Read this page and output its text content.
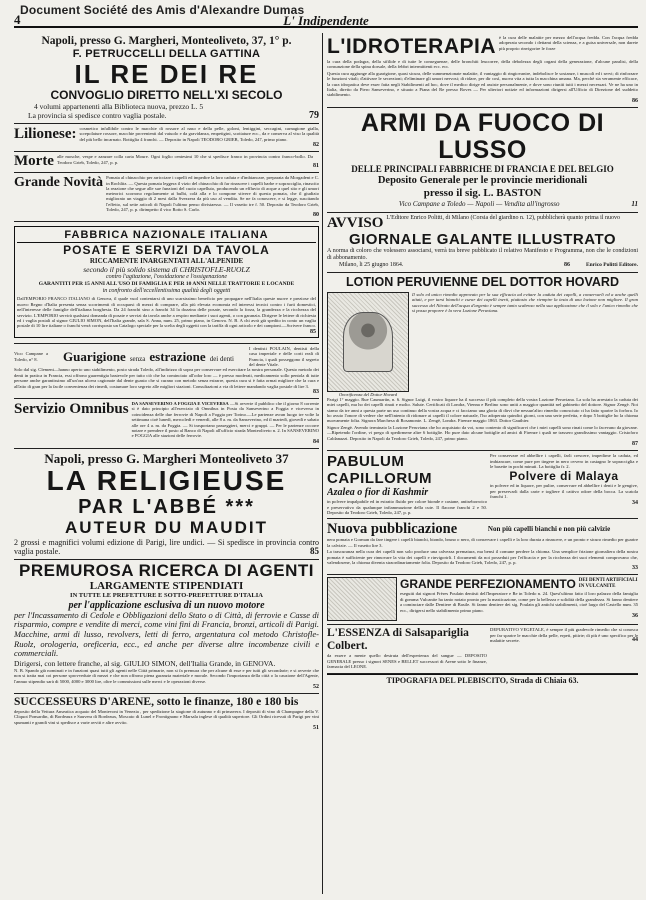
Document Société des Amis d'Alexandre Dumas
4	L' Indipendente
Napoli, presso G. Margheri, Monteoliveto, 37, 1° p.
F. PETRUCCELLI DELLA GATTINA
IL RE DEI RE
CONVOGLIO DIRETTO NELL'XI SECOLO
4 volumi appartenenti alla Biblioteca nuova, prezzo L. 5
79
La provincia si spedisce contro vaglia postale.
Lilionese: cosmetico infallibile contro le macchie di rossore al naso e della pelle, goloni, lentiggini, seccagini, carnagione gialla, screpolature rossore, macchie provenienti dal vaiuolo e da gravidanza, empetigini, scottature ecc., da e conserva al viso la qualità del più bello incarnato. Bottiglia 4 franchi. — Deposito in Napoli TEODORO GRIEB, Toledo, 247, primo piano.
82
Morte alle mosche, vespe e zanzare colla carta Moure. Ogni foglio centesimi 10 che si spedisce franco in provincia contro franco-bollo. Da Teodoro Grieb, Toledo, 247, p. p.
81
Grande Novità Pomata al chinacchio per arricciare i capelli ed impedire la loro caduta e d'imbiancare, preparata da Morgadent e C. in Rochlitz. — Questa pomata leggera il vizio del chinacchio di far rinascere i capelli barbe e sopracciglia, rinascito la reazione che segue alle sue funzioni del cuoio capelluto, producendo un effluvio di acque a quel sito e gli umori meteorici scorrono regolarmente ai bulbi, colà alla e lo compone stivere di questa pomata, che il giudizio migliorato un viaggio di 2 mesi dalla Svezzera da più uso al vendita. Se ne fa conoscere, e si legge, suscitando l'effetto, sul sette articoli di Napoli l'ultimo penso divistaesso. — Il vasetto tre f. 50. Deposito da Teodoro Grieb, Toledo, 247, p. p. dirimpetto il vico Rotto S. Carlo.
80
FABBRICA NAZIONALE ITALIANA
POSATE E SERVIZI DA TAVOLA
RICCAMENTE INARGENTATI ALL'ALPENIDE
secondo il più solido sistema di CHRISTOFLE-RUOLZ
contro l'agitazione, l'ossidazione e l'ossigenazione
GARANTITI PER 15 ANNI ALL'USO DI FAMIGLIA E PER 10 ANNI NELLE TRATTORIE E LOCANDE
in confronto dell'eccellentissima qualità degli oggetti
Dall'EMPORIO FRANCO ITALIANO di Genova, il quale vuol contentarsi di uno scarsissimo beneficio per propagare nell'Italia queste nuove e preziose del nuovo Regno d'Italia presenta senza scorrimenti di occuparsi di mezzi di comprare, alla più elevata economia ed interessi tecnici contro i furti domestici, nell'interesse delle famiglie dell'italiana borghesia. Da 24 franchi sino a franchi 34 la dozzina delle posate, secondo la forza, la grandezza e la ricchezza del servizio. L'EMPORIO servirà qualsiasi domanda di posate e servizi da tavola anche a respiro mediante i suoi agenti, o con garanzia. Dirigere le lettere di richiesta ed i vaglia postali al signor GIULIO SIMON, dell'Italia grande, sala S. Anna, num. 25, primo piano, in Genova. N. B. A chi avrà già spedito in conto un vaglia postale di 10 lire italiane o franchi verrà corrisposto un Catalogo speciale per la scelta degli oggetti con la tariffa di ogni articolo e dei campioni.—Scrivere franco.
85
Vico Campane a Toledo, n° 8.	Guarigione senza estrazione dei denti
I dentisti POULAIN, dentisti della casa imperiale e delle corti reali di Francia, i quali posseggono il segreto del dente Vitale.
Solo dal sig. Clement—hanno aperto uno stabilimento, posto strada Toledo, all'indirizzo di sopra per conservare ed esercitare la nostra personale. Questo metodo dei denti in pratica in Francia, essi offrono guarentigia bastevole per tutto ciò che ha cominciato all'odor loro — è presso moderati, medicamento sollo pentola di tutte persone anche garantissimo all'un'ora ulcera cagionate dal dente guasto che si curano con metodo senza estrarre, questa cura si è fatta ormai migliore che la cura e all'atto di gran per la facile convenienza dei rimedi, costumare loro segreto alle migliori stazioni. Consultazioni a via di lettere mandando vaglia postale di lire 3.
83
Servizio Omnibus DA SANSEVERINO A FOGGIA E VICEVERSA —Si avverte il pubblico che il giorno 8 corrente si è dato principio all'esercizio di Omnibus in Posta da Sanseverino a Foggia e viceversa in coincidenza delle due ferrovie di Napoli a Foggia per Torino.—Le partenze avran luogo tre volte la settimana cioè lunedì, mercoledì e venerdì, alle 8 a. m. da Sanseverino, ed il martedì, giovedì e sabato alle ore 4 a. m. da Foggia. — Si trasportano passeggieri, merci e gruppi. — Per le partenze occorre notare e prendere il posto al Banco di Napoli all'ufficio strada Monteoliveto n. 2. In SANSEVERINO e FOGGIA alle stazioni delle ferrovie.
84
Napoli, presso G. Margheri Monteoliveto 37
LA RELIGIEUSE
PAR L'ABBÉ ***
AUTEUR DU MAUDIT
2 grossi e magnifici volumi edizione di Parigi, lire undici. — Si spedisce in provincia contro vaglia postale.	85
PREMUROSA RICERCA DI AGENTI
LARGAMENTE STIPENDIATI
IN TUTTE LE PREFETTURE E SOTTO-PREFETTURE D'ITALIA
per l'applicazione esclusiva di un nuovo motore
per l'Incassamento di Cedole e Obbligazioni dello Stato o di Città, di ferrovie e Casse di risparmio, compre e vendite di merci, come vini fini di Francia, bronzi, articoli di Parigi. Macchine, armi di lusso, revolvers, letti di ferro, argentatura col metodo Christofle-Ruolz, orologeria, oreficeria, ecc., ed anche per diverse altre incombenze civili e commerciali.
Dirigersi, con lettere franche, al sig. GIULIO SIMON, dell'Italia Grande, in GENOVA.
N. B. Spando già nominati e in funzioni quasi tutti gli agenti nelle Città primarie, non si fa premura che per alcune di esse e per tutti gli secondarie; e si avverte che non si tratta mai coi persone sprovvedute di mezzi e che non offrono piena garanzia materiale e morale. Secondo l'importanza della città o la cauzione dell'Agente, l'annuo stipendio sarà di 5000, 4000 e 3000 lire, oltre le commissioni sulle merci e le operazioni diverse.
52
SUCCESSEURS D'ARENE, sotto le finanze, 180 e 180 bis
deposito della Vettura Anseatica acquaio del Montevoni in Venezia , per spedizione la stagione di autunno e di primavera. I depositi di vino di Champagne della V. Cliquot Ponsardin, di Bordeaux e Sauvera di Bordeaux, Moscato di Lunel e Frontignano e Marsala inglese di qualità superiore. Gli Ordini ricevuti di Parigi per vini spumanti e grandi vini si spedisce a varie avviti e altre avvito.
51
L'IDROTERAPIA è la cura delle malattie per mezzo dell'acqua fredda. Con l'acqua fredda adoperata secondo i dettami della scienza, e a guisa universale, non darete più proprio rinvigorire le forze
la cura della podagra, della sifilide e di tutte le conseguenze, delle bronchiti leucorree, della debolezza degli organi della generazione, d'alcune paralisi, della consunzione della spina dorsale, della febbri intermittenti ecc. ecc.
Questa cura aggiunge alla guarigione, quasi sicura, delle summenzionate malattie, il vantaggio di ringiovanire, indebolisce le sostanze, i muscoli ed i servi; di rinforzare le funzioni vitali; d'attivare le secrezioni; d'eliminare gli umori nervosi; di ridare, per dir così, nuova vita a tutta la macchina umana. Ma, perchè sia veramente efficace, la cura idropatica deve esser fatta negli Stabilimenti ad hoc, dove il medico dirige ed assiste personalmente, e dove sono riuniti tutti i mezzi necessari. Ve ne ha uno in Italia, diretto da Piero Sanseverino, e situato a Piana del Re presso Boves — Per ulteriori notizie ed informazioni dirigersi all'Ufficio di Direzione del suddetto stabilimento.
86
ARMI DA FUOCO DI LUSSO
DELLE PRINCIPALI FABBRICHE DI FRANCIA E DEL BELGIO
Deposito Generale per le provincie meridionali
presso il sig. L. BASTON
Vico Campane a Toledo — Napoli — Vendita all'ingrosso	11
AVVISO L'Editore Enrico Politti, di Milano (Corsia del giardino n. 12), pubblicherà quanto prima il nuovo
GIORNALE GALANTE ILLUSTRATO
A norma di coloro che volessero associarsi, verrà tra breve pubblicato il relativo Manifesto e Programma, non che le condizioni di abbonamento.
Milano, li 25 giugno 1864.	86	Enrico Politti Editore.
LOTION PERUVIENNE DEL DOTTOR HOVARD
Onorificenza del Dottor Hovard
Il solo ed unico rimedio approvato per la sua efficacia ad evitare la caduta dei capelli, a conservarli ed a anche quelli aitati, e per tarsi bianchi e curar dei capelli inerti, piuttosto che riempire la testa di una lozione non migliore. Il gran successo del Nitrato dell'acqua d'argento è sempre tanto scabroso nella sua applicazione che il solo e l'unico rimedio che si possa proporre è la vera Lozione Peruviana.
Parigi 1° maggio. Rue Caumartin, n. 6. Signor Luigi, il vostro liquore ha il successo il più completo della vostra Lozione Peruviana. La sola ha arrestato la caduta dei miei capelli, ma ho dei capelli rinati e molto. Salute. Certificati di Londra, Vienna e Berlino sono uniti a maggior quantità nel gabinetto del dottore. Signor Zengè. Noi siamo da tre anni a questa parte un uso continuo della vostra acqua e ci facciamo una gloria di dirvi che nessun'altro rimedio conosciuto ci ha fatto sparire la forfora. Io ho avuto l'onore di vedere che nell'intento di ridonare ai capelli il colore naturale, l'ho adoperata quindici giorni, con una serie perfetta, e dopo 5 bottiglie ho la chioma nuovamente folta. Signora Marchesa di Rosamonte. L. Zengè, Londra. Firenze maggio 1863. Dottor Gauthier.
Signor Zengè. Avendo terminato la Lozione Peruviana che ho acquistato da voi, sono contento di significarvi che i miei capelli sono rinati come lo facevano da giovane.—Ripetendo l'ordine, vi prego di spedirmene altre 6 bottiglie. Ho pure dato alcune bottiglie ad amici di Firenze i quali ne trassero grandissimo vantaggio. Cristoforo Caldanazzi. Deposito in Napoli da Teodoro Grieb, Toledo, 247, primo piano.
87
PABULUM CAPILLORUM
Azalea o fior di Kashmir
in polvere impalpabile ed in estratto fluido per colore bionde e castane, antiseborroico e preservativo da qualunque infiammazione della cute. Il flacone franchi 2 e 50. Deposito da Teodoro Grieb, Toledo, 247, p. p.
Per conservare ed abbellire i capelli, farli crescere, impedirne la caduta, ed imbiancare, come pure per tingere in nero ovvero in castagno le sopracciglia e le basette in pochi minuti. La bottiglia fr. 2.
Polvere di Malaya
in polvere ed in liquore, per pulire, conservare ed abbellire i denti e le gengive, per preservarli dalla carie e togliere il cattivo odore della bocca. La scatola franchi 1.
34
Nuova pubblicazione	Non più capelli bianchi e non più calvizie
nera pomata e Gorman da fare tingere i capelli bianchi, biondo, bruno o nero, di conservare i capelli e la loro durata a rinascere, e un pronto e sicuro rimedio per guarire la calvizie. — Il vasetto lire 3.
La trascuranza nella cura dei capelli non solo produce una calvezza prematura, ma bensì il comune perdere la chioma. Una semplice frizione giornaliera della nostra pomata è sufficiente per rinnovare la vita dei capelli e rinvigorirli. I documenti da noi posseduti per l'efficacia e per la ricchezza dei suoi elementi comprovano che, valendosene, la chioma diventa straordinariamente folta. Deposito da Teodoro Grieb, Toledo, 247, p. p.
33
GRANDE PERFEZIONAMENTO DEI DENTI ARTIFICIALI IN VULCANITE
eseguiti dai signori Frères Poulain dentisti dell'Imperatore e Re in Toledo n. 24. Quest'ultimo fatto il loro palazzo della famiglia di gomma Vulcanite ha tanto notato pronto per la masticazione, come per la bellezza e solidità della grandezza. Si fanno dentiere a cominciare dalle Dentiere di Basile. Si fanno dentiere dei sig. Poulain gli antichi stabilimenti, cioè largo del Castello num. 35 ecc., dirigersi nello stabilimento primo piano.
36
L'ESSENZA di Salsapariglia Colbert.
da essere a mente quello destruta dell'esperienza del sangue — DEPOSITO GENERALE presso i signori SENES e BELLET successori di Arene sotto le finanze, farmacia del LEONE.
DEPURATIVO VEGETALE, è sempre il più gradevole rimedio che si conosca per far sparire le macchie della pelle, erpeti, pitirie; di più è uno specifico per le malattie secrete.	44
TIPOGRAFIA DEL PLEBISCITO, Strada di Chiaia 63.
